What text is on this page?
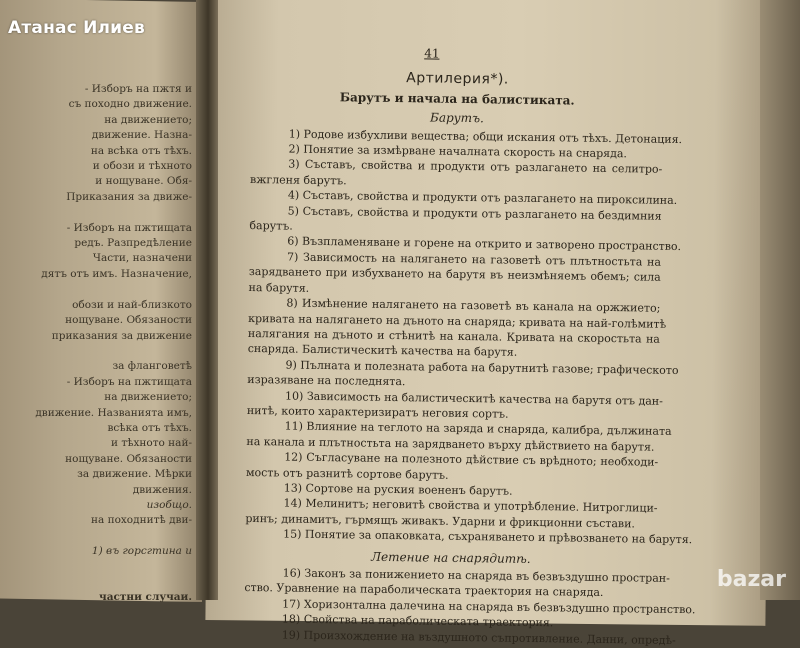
- Изборъ на пжтя и
съ походно движение.
на движението;
движение. Назна-
на всѣка отъ тѣхъ.
и обози и тѣхното
и нощуване. Обя-
Приказания за движе-

- Изборъ на пжтищата
редъ. Разпредѣление
Части, назначени
дятъ отъ имъ. Назначение,

обози и най-близкото
нощуване. Обязаности
приказания за движение

за фланговетѣ
- Изборъ на пжтищата
на движението;
движение. Названията имъ,
всѣка отъ тѣхъ.
и тѣхното най-
нощуване. Обязаности
за движение. Мѣрки
движения.
изобщо.
на походнитѣ дви-

1) въ горсгтина и

частни случаи.
41
Артилерия*).
Барутъ и начала на балистиката.
Барутъ.
1) Родове избухливи вещества; общи искания отъ тѣхъ. Детонация.
2) Понятие за измѣрване началната скорость на снаряда.
3) Съставъ, свойства и продукти отъ разлагането на селитро-
вжгленя барутъ.
4) Съставъ, свойства и продукти отъ разлагането на пироксилина.
5) Съставъ, свойства и продукти отъ разлагането на бездимния
барутъ.
6) Възпламеняване и горене на открито и затворено пространство.
7) Зависимость на налягането на газоветѣ отъ плътностьта на
зарядването при избухването на барутя въ неизмѣняемъ обемъ; сила
на барутя.
8) Измѣнение налягането на газоветѣ въ канала на оржжието;
кривата на налягането на дънoто на снаряда; кривата на най-голѣмитѣ
налягания на дънoто и стѣнитѣ на канала. Кривата на скоростьта на
снаряда. Балистическитѣ качества на барутя.
9) Пълната и полезната работа на барутнитѣ газове; графическото
изразяване на последнята.
10) Зависимость на балистическитѣ качества на барутя отъ дан-
нитѣ, които характеризиратъ неговия сортъ.
11) Влияние на теглото на заряда и снаряда, калибра, дължината
на канала и плътностьта на зарядването върху дѣйствието на барутя.
12) Съгласуване на полезното дѣйствие съ врѣдното; необходи-
мость отъ разнитѣ сортове барутъ.
13) Сортове на руския воененъ барутъ.
14) Мелинитъ; неговитѣ свойства и употрѣбление. Нитроглици-
ринъ; динамитъ, гърмящъ живакъ. Ударни и фрикционни състави.
15) Понятие за опаковката, съхраняването и прѣвозването на барутя.
Летение на снарядитѣ.
16) Законъ за понижението на снаряда въ безвъздушно простран-
ство. Уравнение на параболическата траектория на снаряда.
17) Хоризонтална далечина на снаряда въ безвъздушно пространство.
18) Свойства на параболическата траектория.
19) Произхождение на въздушното съпротивление. Данни, опредѣ-
Атанас Илиев
bazar
